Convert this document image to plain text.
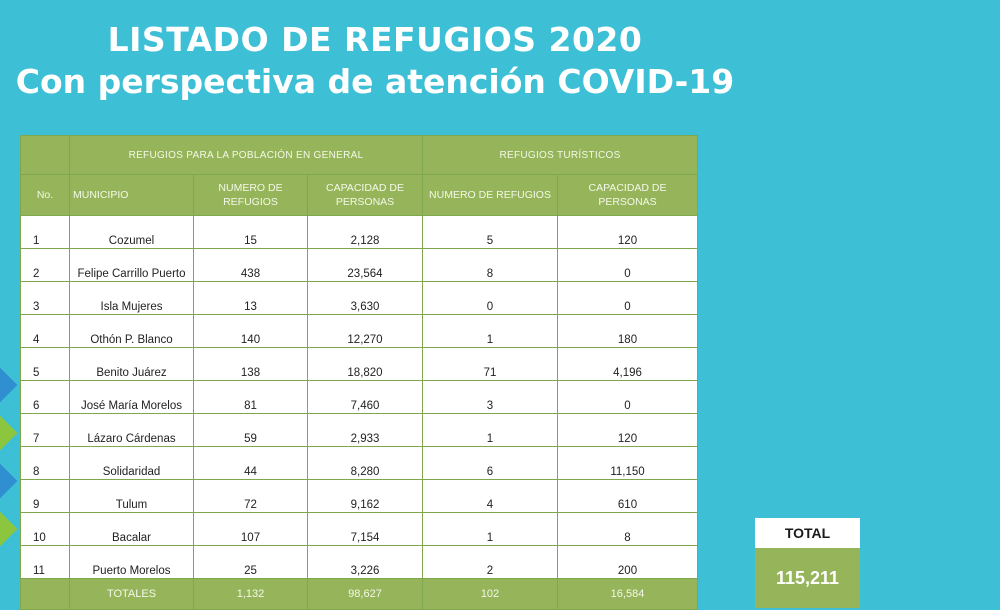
LISTADO DE REFUGIOS 2020
Con perspectiva de atención COVID-19
	REFUGIOS PARA LA POBLACIÓN EN GENERAL			REFUGIOS TURÍSTICOS	
No.	MUNICIPIO	NUMERO DE REFUGIOS	CAPACIDAD DE PERSONAS	NUMERO DE REFUGIOS	CAPACIDAD DE PERSONAS
1	Cozumel	15	2,128	5	120
2	Felipe Carrillo Puerto	438	23,564	8	0
3	Isla Mujeres	13	3,630	0	0
4	Othón P. Blanco	140	12,270	1	180
5	Benito Juárez	138	18,820	71	4,196
6	José María Morelos	81	7,460	3	0
7	Lázaro Cárdenas	59	2,933	1	120
8	Solidaridad	44	8,280	6	11,150
9	Tulum	72	9,162	4	610
10	Bacalar	107	7,154	1	8
11	Puerto Morelos	25	3,226	2	200
	TOTALES	1,132	98,627	102	16,584
TOTAL
115,211
